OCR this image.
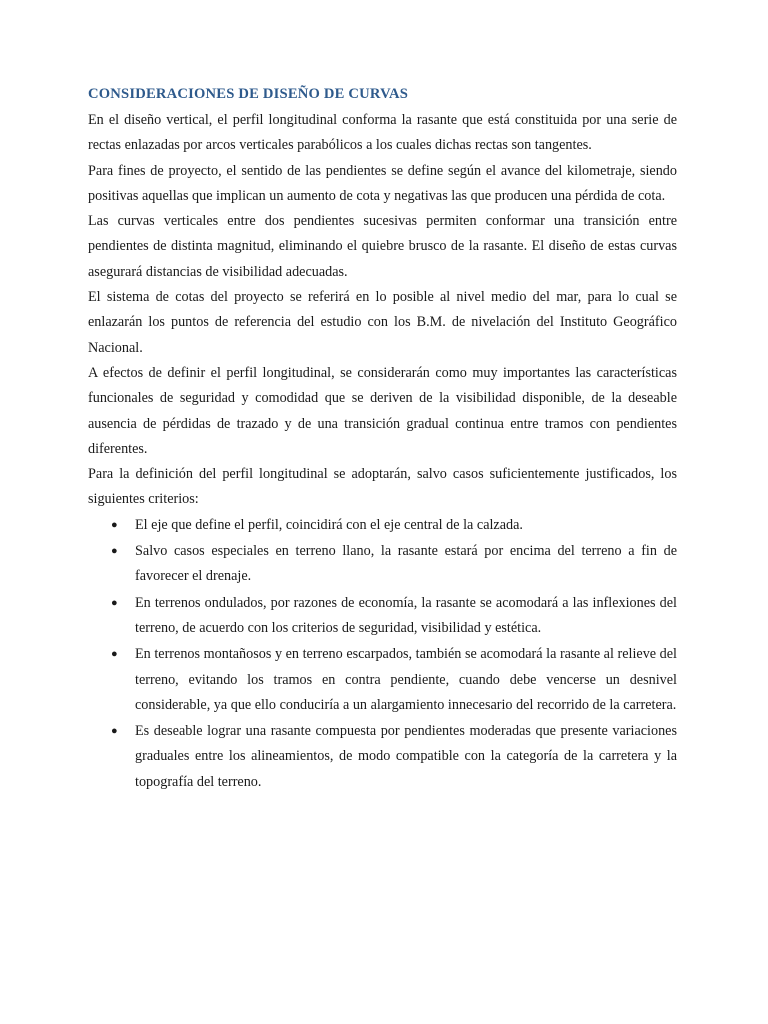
CONSIDERACIONES DE DISEÑO DE CURVAS

En el diseño vertical, el perfil longitudinal conforma la rasante que está constituida por una serie de rectas enlazadas por arcos verticales parabólicos a los cuales dichas rectas son tangentes.

Para fines de proyecto, el sentido de las pendientes se define según el avance del kilometraje, siendo positivas aquellas que implican un aumento de cota y negativas las que producen una pérdida de cota.

Las curvas verticales entre dos pendientes sucesivas permiten conformar una transición entre pendientes de distinta magnitud, eliminando el quiebre brusco de la rasante. El diseño de estas curvas asegurará distancias de visibilidad adecuadas.

El sistema de cotas del proyecto se referirá en lo posible al nivel medio del mar, para lo cual se enlazarán los puntos de referencia del estudio con los B.M. de nivelación del Instituto Geográfico Nacional.

A efectos de definir el perfil longitudinal, se considerarán como muy importantes las características funcionales de seguridad y comodidad que se deriven de la visibilidad disponible, de la deseable ausencia de pérdidas de trazado y de una transición gradual continua entre tramos con pendientes diferentes.

Para la definición del perfil longitudinal se adoptarán, salvo casos suficientemente justificados, los siguientes criterios:

● El eje que define el perfil, coincidirá con el eje central de la calzada.
● Salvo casos especiales en terreno llano, la rasante estará por encima del terreno a fin de favorecer el drenaje.
● En terrenos ondulados, por razones de economía, la rasante se acomodará a las inflexiones del terreno, de acuerdo con los criterios de seguridad, visibilidad y estética.
● En terrenos montañosos y en terreno escarpados, también se acomodará la rasante al relieve del terreno, evitando los tramos en contra pendiente, cuando debe vencerse un desnivel considerable, ya que ello conduciría a un alargamiento innecesario del recorrido de la carretera.
● Es deseable lograr una rasante compuesta por pendientes moderadas que presente variaciones graduales entre los alineamientos, de modo compatible con la categoría de la carretera y la topografía del terreno.
